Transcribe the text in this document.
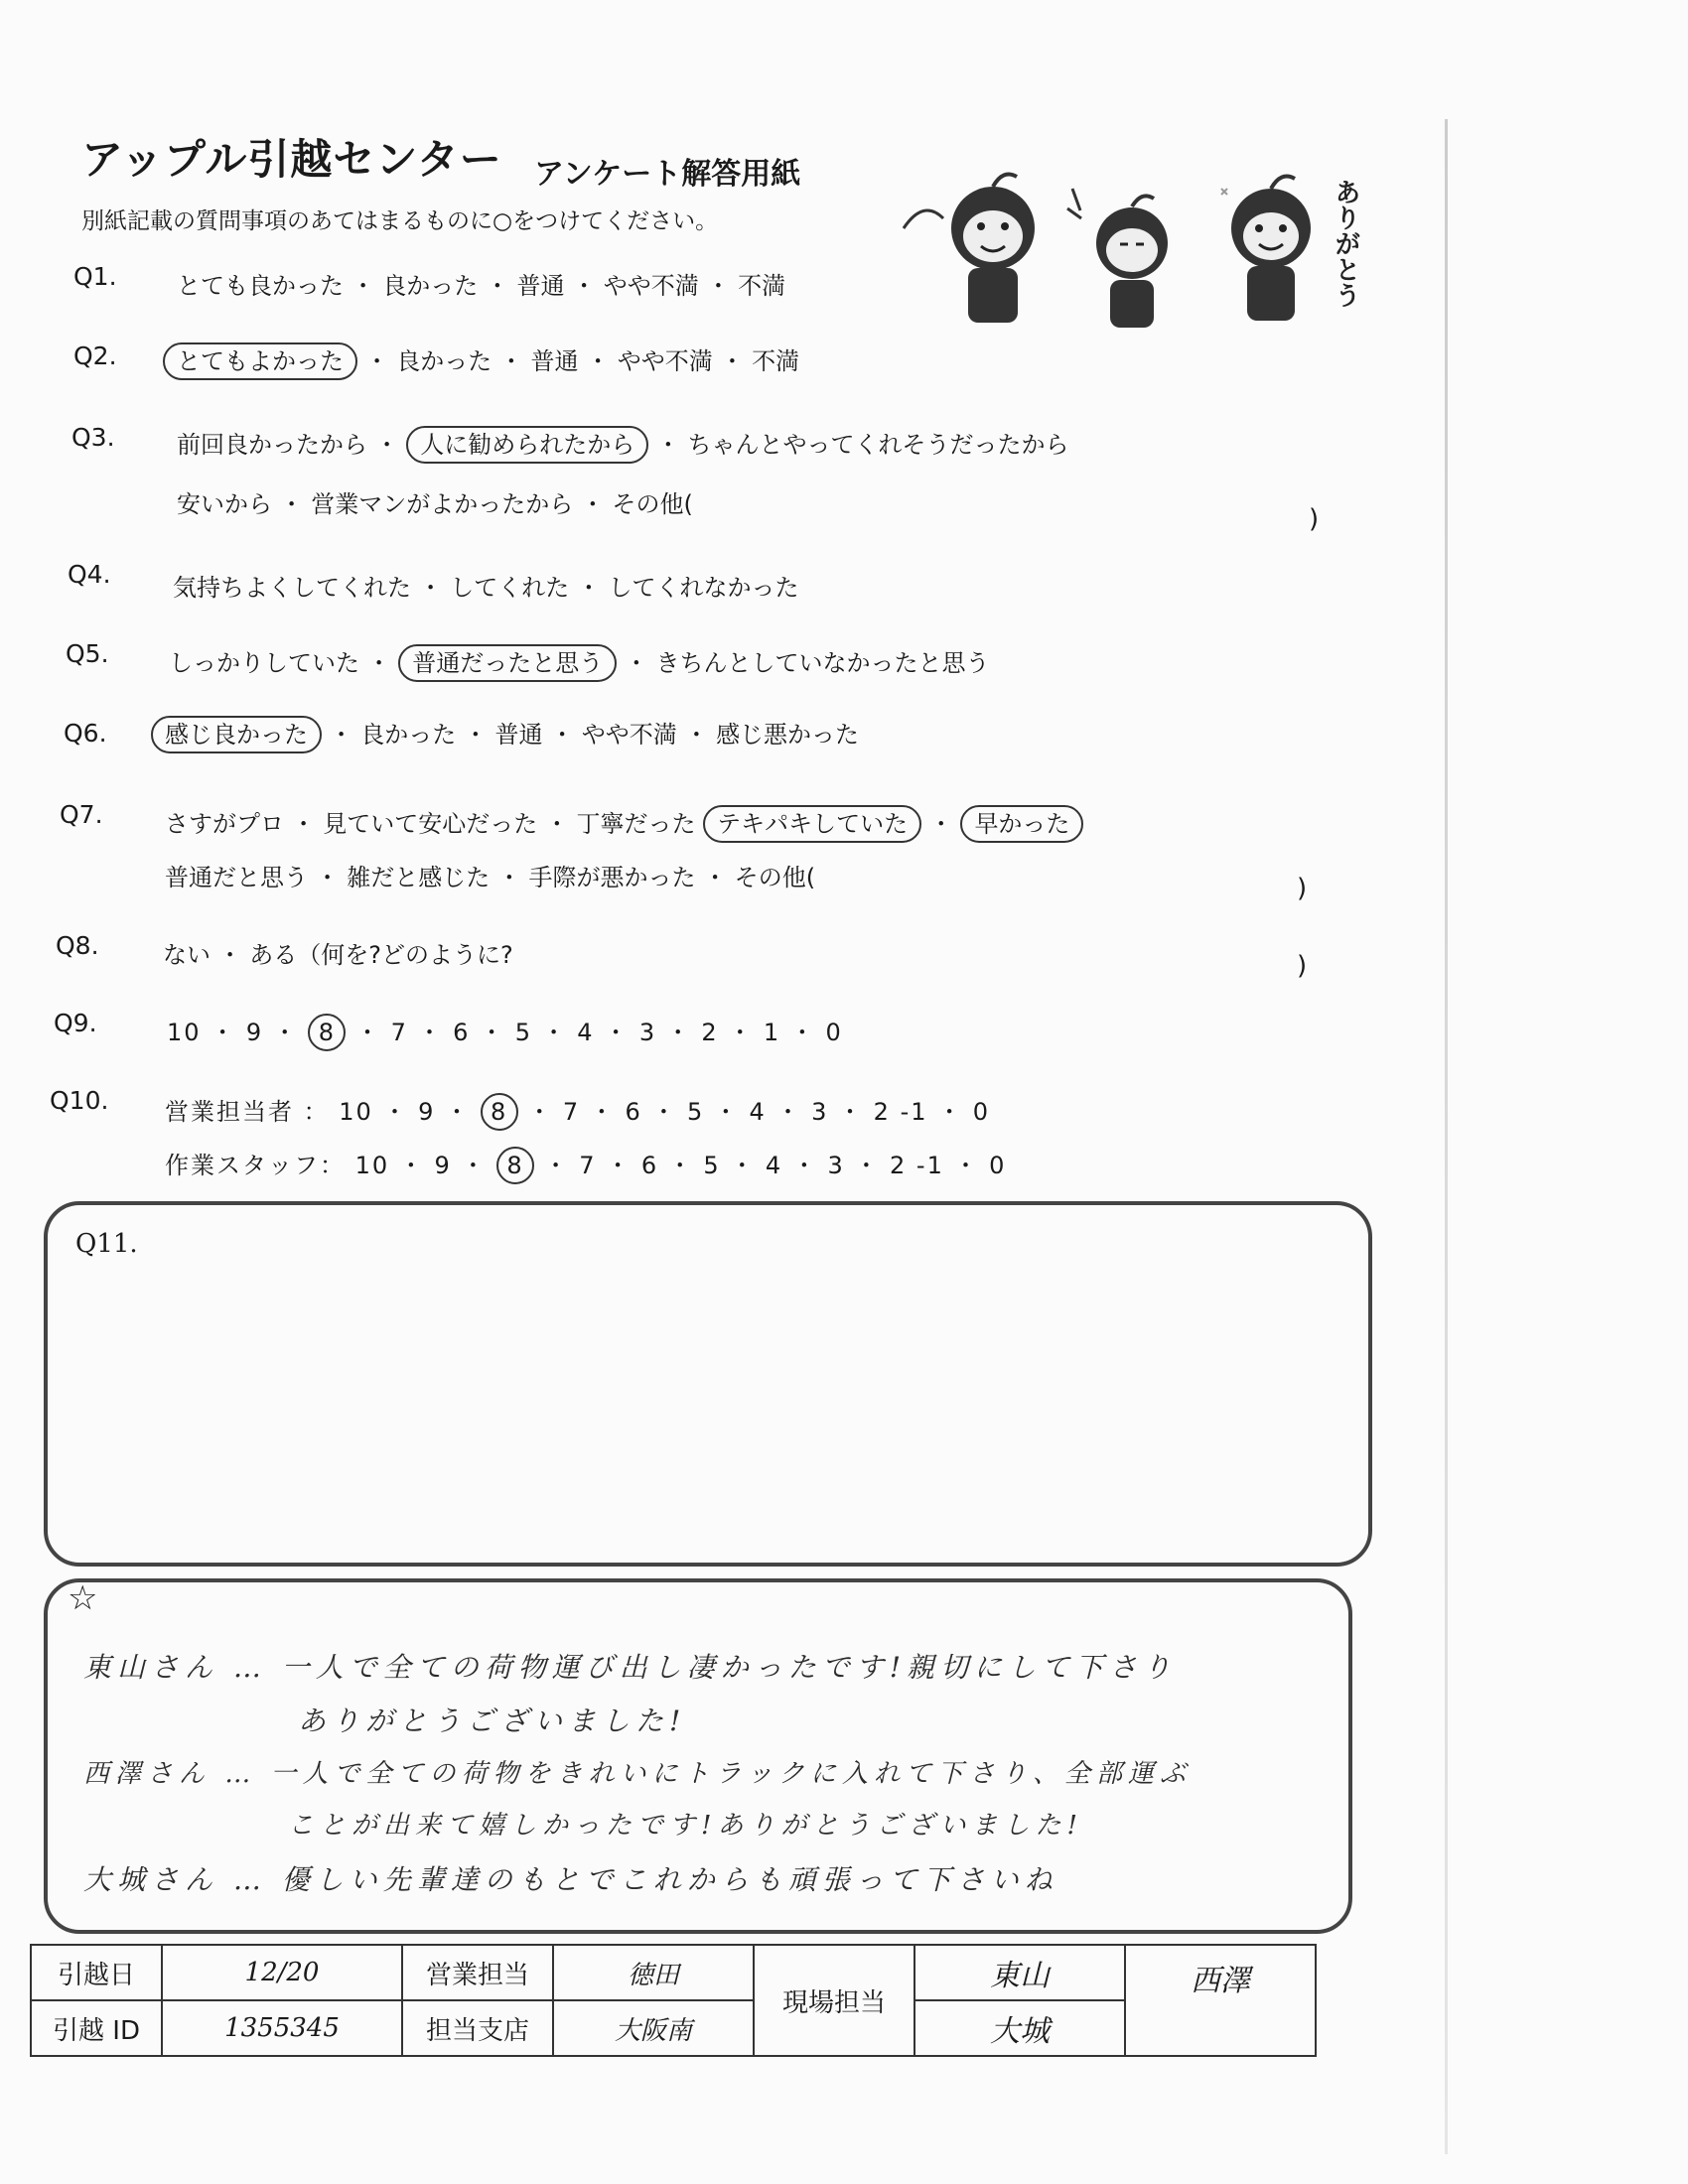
アップル引越センター アンケート解答用紙
別紙記載の質問事項のあてはまるものに○をつけてください。	ありがとう
Q1.	とても良かった ・ 良かった ・ 普通 ・ やや不満 ・ 不満
Q2.	とてもよかった ・ 良かった ・ 普通 ・ やや不満 ・ 不満
Q3.	前回良かったから ・ 人に勧められたから ・ ちゃんとやってくれそうだったから
安いから ・ 営業マンがよかったから ・ その他(	)
Q4.	気持ちよくしてくれた ・ してくれた ・ してくれなかった
Q5.	しっかりしていた ・ 普通だったと思う ・ きちんとしていなかったと思う
Q6.	感じ良かった ・ 良かった ・ 普通 ・ やや不満 ・ 感じ悪かった
Q7.	さすがプロ ・ 見ていて安心だった ・ 丁寧だった テキパキしていた ・ 早かった
普通だと思う ・ 雑だと感じた ・ 手際が悪かった ・ その他(	)
Q8.	ない ・ ある（何を?どのように?	)
Q9.	10 ・ 9 ・ 8 ・ 7 ・ 6 ・ 5 ・ 4 ・ 3 ・ 2 ・ 1 ・ 0
Q10. 営業担当者 ： 10 ・ 9 ・ 8 ・ 7 ・ 6 ・ 5 ・ 4 ・ 3 ・ 2 -1 ・ 0
作業スタッフ： 10 ・ 9 ・ 8 ・ 7 ・ 6 ・ 5 ・ 4 ・ 3 ・ 2 -1 ・ 0
Q11.
☆
東山さん … 一人で全ての荷物運び出し凄かったです!親切にして下さり
ありがとうございました!
西澤さん … 一人で全ての荷物をきれいにトラックに入れて下さり、全部運ぶ
ことが出来て嬉しかったです!ありがとうございました!
大城さん … 優しい先輩達のもとでこれからも頑張って下さいね
引越日	12/20	営業担当	徳田	現場担当	東山	西澤
引越 ID	1355345	担当支店	大阪南		大城	
